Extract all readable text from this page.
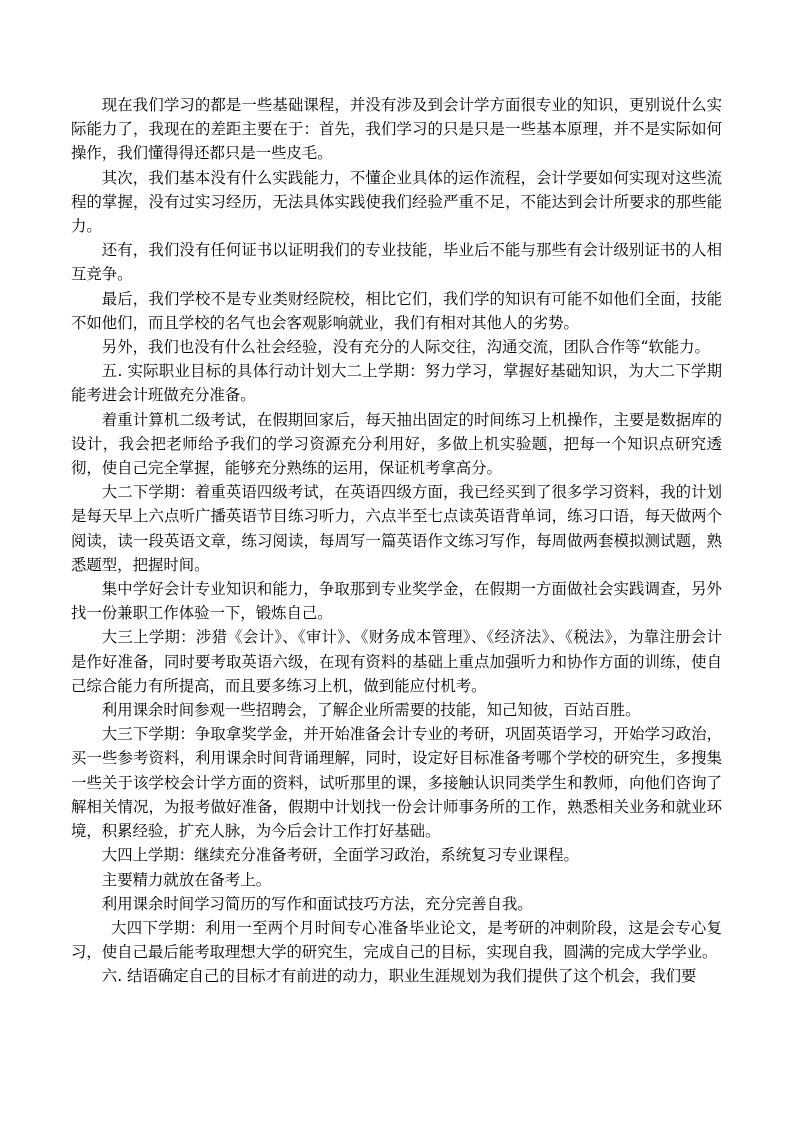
现在我们学习的都是一些基础课程，并没有涉及到会计学方面很专业的知识，更别说什么实际能力了，我现在的差距主要在于：首先，我们学习的只是只是一些基本原理，并不是实际如何操作，我们懂得得还都只是一些皮毛。

其次，我们基本没有什么实践能力，不懂企业具体的运作流程，会计学要如何实现对这些流程的掌握，没有过实习经历，无法具体实践使我们经验严重不足，不能达到会计所要求的那些能力。

还有，我们没有任何证书以证明我们的专业技能，毕业后不能与那些有会计级别证书的人相互竞争。

最后，我们学校不是专业类财经院校，相比它们，我们学的知识有可能不如他们全面，技能不如他们，而且学校的名气也会客观影响就业，我们有相对其他人的劣势。

另外，我们也没有什么社会经验，没有充分的人际交往，沟通交流，团队合作等“软能力。

五. 实际职业目标的具体行动计划大二上学期：努力学习，掌握好基础知识，为大二下学期能考进会计班做充分准备。

着重计算机二级考试，在假期回家后，每天抽出固定的时间练习上机操作，主要是数据库的设计，我会把老师给予我们的学习资源充分利用好，多做上机实验题，把每一个知识点研究透彻，使自己完全掌握，能够充分熟练的运用，保证机考拿高分。

大二下学期：着重英语四级考试，在英语四级方面，我已经买到了很多学习资料，我的计划是每天早上六点听广播英语节目练习听力，六点半至七点读英语背单词，练习口语，每天做两个阅读，读一段英语文章，练习阅读，每周写一篇英语作文练习写作，每周做两套模拟测试题，熟悉题型，把握时间。

集中学好会计专业知识和能力，争取那到专业奖学金，在假期一方面做社会实践调查，另外找一份兼职工作体验一下，锻炼自己。

大三上学期：涉猎《会计》、《审计》、《财务成本管理》、《经济法》、《税法》，为靠注册会计是作好准备，同时要考取英语六级，在现有资料的基础上重点加强听力和协作方面的训练，使自己综合能力有所提高，而且要多练习上机，做到能应付机考。

利用课余时间参观一些招聘会，了解企业所需要的技能，知己知彼，百站百胜。

大三下学期：争取拿奖学金，并开始准备会计专业的考研，巩固英语学习，开始学习政治，买一些参考资料，利用课余时间背诵理解，同时，设定好目标准备考哪个学校的研究生，多搜集一些关于该学校会计学方面的资料，试听那里的课，多接触认识同类学生和教师，向他们咨询了解相关情况，为报考做好准备，假期中计划找一份会计师事务所的工作，熟悉相关业务和就业环境，积累经验，扩充人脉，为今后会计工作打好基础。

大四上学期：继续充分准备考研，全面学习政治，系统复习专业课程。

主要精力就放在备考上。

利用课余时间学习简历的写作和面试技巧方法，充分完善自我。

大四下学期：利用一至两个月时间专心准备毕业论文，是考研的冲刺阶段，这是会专心复习，使自己最后能考取理想大学的研究生，完成自己的目标，实现自我，圆满的完成大学学业。

六. 结语确定自己的目标才有前进的动力，职业生涯规划为我们提供了这个机会，我们要
